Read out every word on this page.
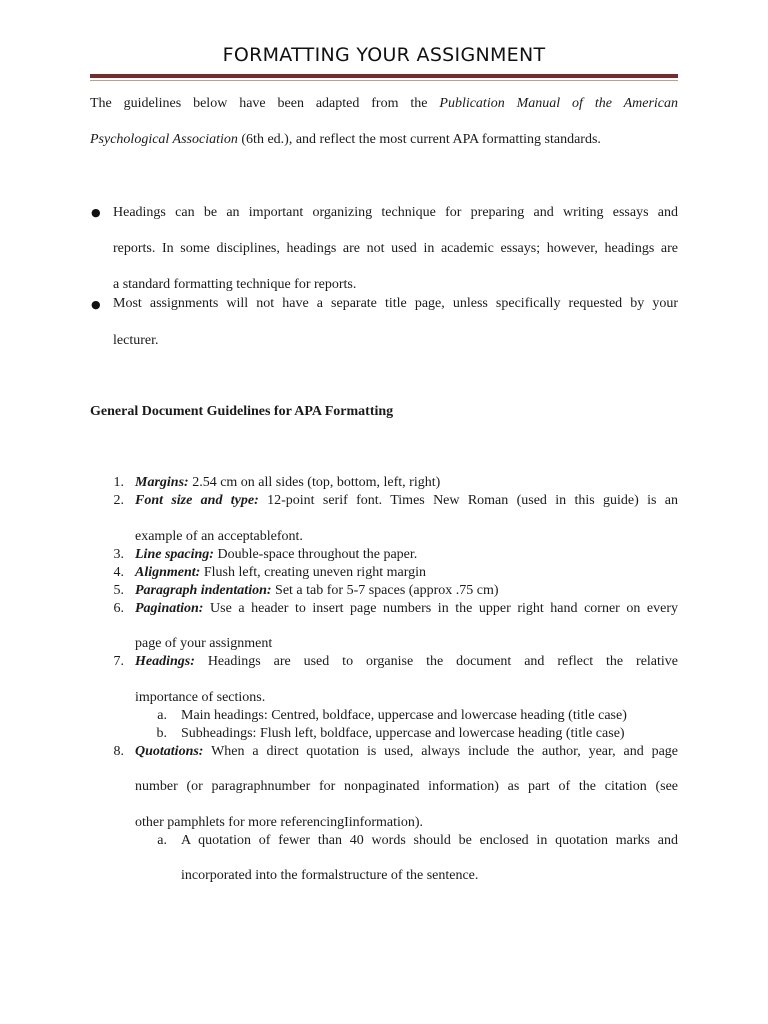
FORMATTING YOUR ASSIGNMENT
The guidelines below have been adapted from the Publication Manual of the American
Psychological Association (6th ed.), and reflect the most current APA formatting standards.
● Headings can be an important organizing technique for preparing and writing essays and
reports. In some disciplines, headings are not used in academic essays; however, headings are
a standard formatting technique for reports.
● Most assignments will not have a separate title page, unless specifically requested by your
lecturer.
General Document Guidelines for APA Formatting
1. Margins: 2.54 cm on all sides (top, bottom, left, right)
2. Font size and type: 12-point serif font. Times New Roman (used in this guide) is an
example of an acceptablefont.
3. Line spacing: Double-space throughout the paper.
4. Alignment: Flush left, creating uneven right margin
5. Paragraph indentation: Set a tab for 5-7 spaces (approx .75 cm)
6. Pagination: Use a header to insert page numbers in the upper right hand corner on every
page of your assignment
7. Headings: Headings are used to organise the document and reflect the relative
importance of sections.
a. Main headings: Centred, boldface, uppercase and lowercase heading (title case)
b. Subheadings: Flush left, boldface, uppercase and lowercase heading (title case)
8. Quotations: When a direct quotation is used, always include the author, year, and page
number (or paragraphnumber for nonpaginated information) as part of the citation (see
other pamphlets for more referencingIinformation).
a. A quotation of fewer than 40 words should be enclosed in quotation marks and
incorporated into the formalstructure of the sentence.
